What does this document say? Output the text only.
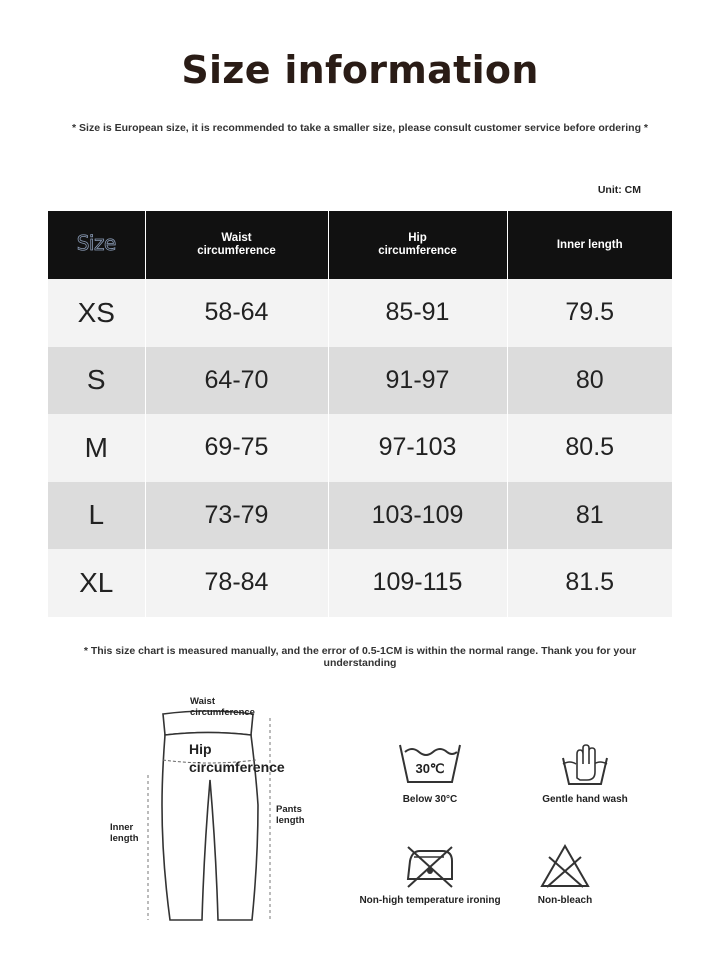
Size information
* Size is European size, it is recommended to take a smaller size, please consult customer service before ordering *
Unit: CM
Size	Waist circumference	Hip circumference	Inner length
XS	58-64	85-91	79.5
S	64-70	91-97	80
M	69-75	97-103	80.5
L	73-79	103-109	81
XL	78-84	109-115	81.5
* This size chart is measured manually, and the error of 0.5-1CM is within the normal range. Thank you for your understanding
Waist circumference
Hip circumference
Inner length
Pants length
30℃
Below 30°C	Gentle hand wash
Non-high temperature ironing	Non-bleach
